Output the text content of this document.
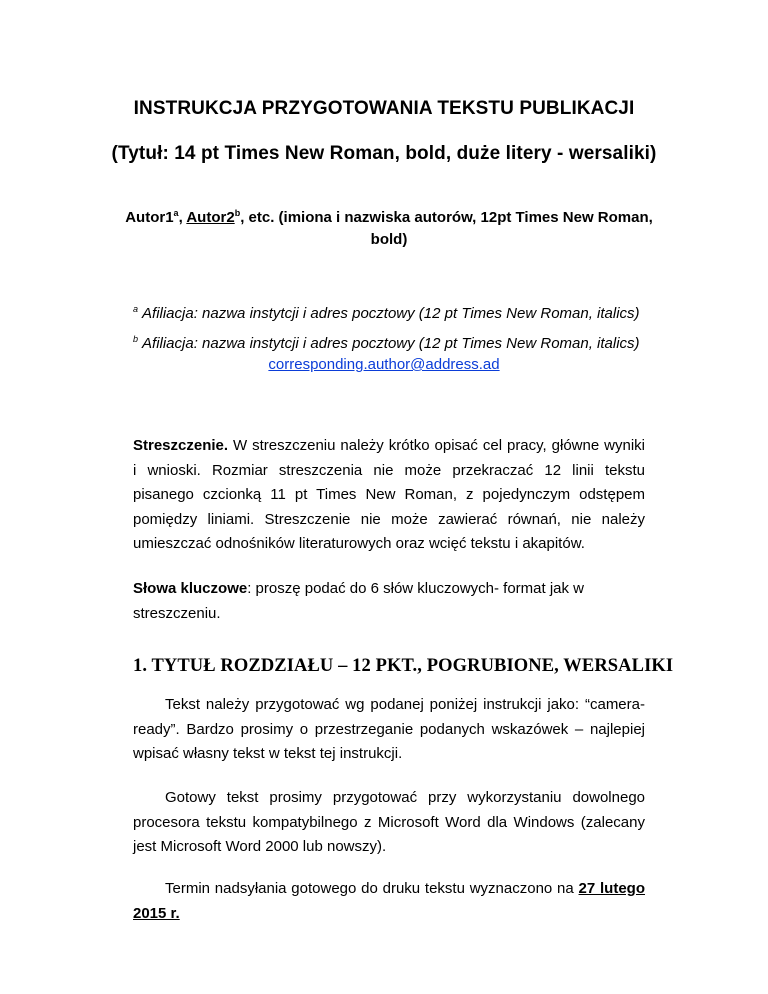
INSTRUKCJA PRZYGOTOWANIA TEKSTU PUBLIKACJI
(Tytuł: 14 pt Times New Roman, bold, duże litery - wersaliki)
Autor1$^a$, Autor2$^b$, etc. (imiona i nazwiska autorów, 12pt Times New Roman,
bold)
$^a$ Afiliacja: nazwa instytcji i adres pocztowy (12 pt Times New Roman, italics)
$^b$ Afiliacja: nazwa instytcji i adres pocztowy (12 pt Times New Roman, italics)
corresponding.author@address.ad
Streszczenie. W streszczeniu należy krótko opisać cel pracy, główne wyniki i wnioski. Rozmiar streszczenia nie może przekraczać 12 linii tekstu pisanego czcionką 11 pt Times New Roman, z pojedynczym odstępem pomiędzy liniami. Streszczenie nie może zawierać równań, nie należy umieszczać odnośników literaturowych oraz wcięć tekstu i akapitów.
Słowa kluczowe: proszę podać do 6 słów kluczowych- format jak w streszczeniu.
1. TYTUŁ ROZDZIAŁU – 12 PKT., POGRUBIONE, WERSALIKI
Tekst należy przygotować wg podanej poniżej instrukcji jako: “camera-ready”. Bardzo prosimy o przestrzeganie podanych wskazówek – najlepiej wpisać własny tekst w tekst tej instrukcji.
Gotowy tekst prosimy przygotować przy wykorzystaniu dowolnego procesora tekstu kompatybilnego z Microsoft Word dla Windows (zalecany jest Microsoft Word 2000 lub nowszy).
Termin nadsyłania gotowego do druku tekstu wyznaczono na 27 lutego 2015 r.
